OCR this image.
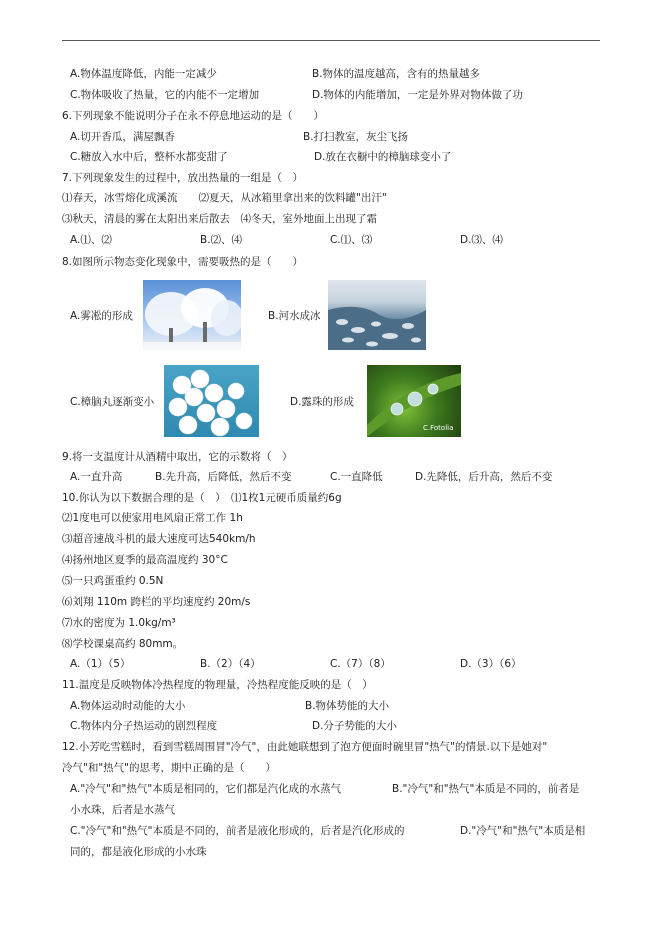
A.物体温度降低，内能一定减少	B.物体的温度越高，含有的热量越多
C.物体吸收了热量，它的内能不一定增加	D.物体的内能增加，一定是外界对物体做了功
6.下列现象不能说明分子在永不停息地运动的是（　　）
A.切开香瓜，满屋飘香	B.打扫教室，灰尘飞扬
C.糖放入水中后，整杯水都变甜了	D.放在衣橱中的樟脑球变小了
7.下列现象发生的过程中，放出热量的一组是（　）
⑴春天，冰雪熔化成溪流　　⑵夏天，从冰箱里拿出来的饮料罐"出汗"
⑶秋天，清晨的雾在太阳出来后散去　⑷冬天，室外地面上出现了霜
A.⑴、⑵	B.⑵、⑷	C.⑴、⑶	D.⑶、⑷
8.如图所示物态变化现象中，需要吸热的是（　　）
A.雾凇的形成	B.河水成冰
C.樟脑丸逐渐变小	D.露珠的形成
C.Fotolia
9.将一支温度计从酒精中取出，它的示数将（　）
A.一直升高	B.先升高，后降低，然后不变	C.一直降低	D.先降低，后升高，然后不变
10.你认为以下数据合理的是（　）　⑴1枚1元硬币质量约6g
⑵1度电可以使家用电风扇正常工作 1h
⑶超音速战斗机的最大速度可达540km/h
⑷扬州地区夏季的最高温度约 30°C
⑸一只鸡蛋重约 0.5N
⑹刘翔 110m 跨栏的平均速度约 20m/s
⑺水的密度为 1.0kg/m³
⑻学校课桌高约 80mm。
A.（1）（5）	B.（2）（4）	C.（7）（8）	D.（3）（6）
11.温度是反映物体冷热程度的物理量，冷热程度能反映的是（　）
A.物体运动时动能的大小	B.物体势能的大小
C.物体内分子热运动的剧烈程度	D.分子势能的大小
12.小芳吃雪糕时，看到雪糕周围冒"冷气"，由此她联想到了泡方便面时碗里冒"热气"的情景.以下是她对"
冷气"和"热气"的思考，期中正确的是（　　）
A."冷气"和"热气"本质是相同的，它们都是汽化成的水蒸气	B."冷气"和"热气"本质是不同的，前者是
小水珠，后者是水蒸气
C."冷气"和"热气"本质是不同的，前者是液化形成的，后者是汽化形成的	D."冷气"和"热气"本质是相
同的，都是液化形成的小水珠
